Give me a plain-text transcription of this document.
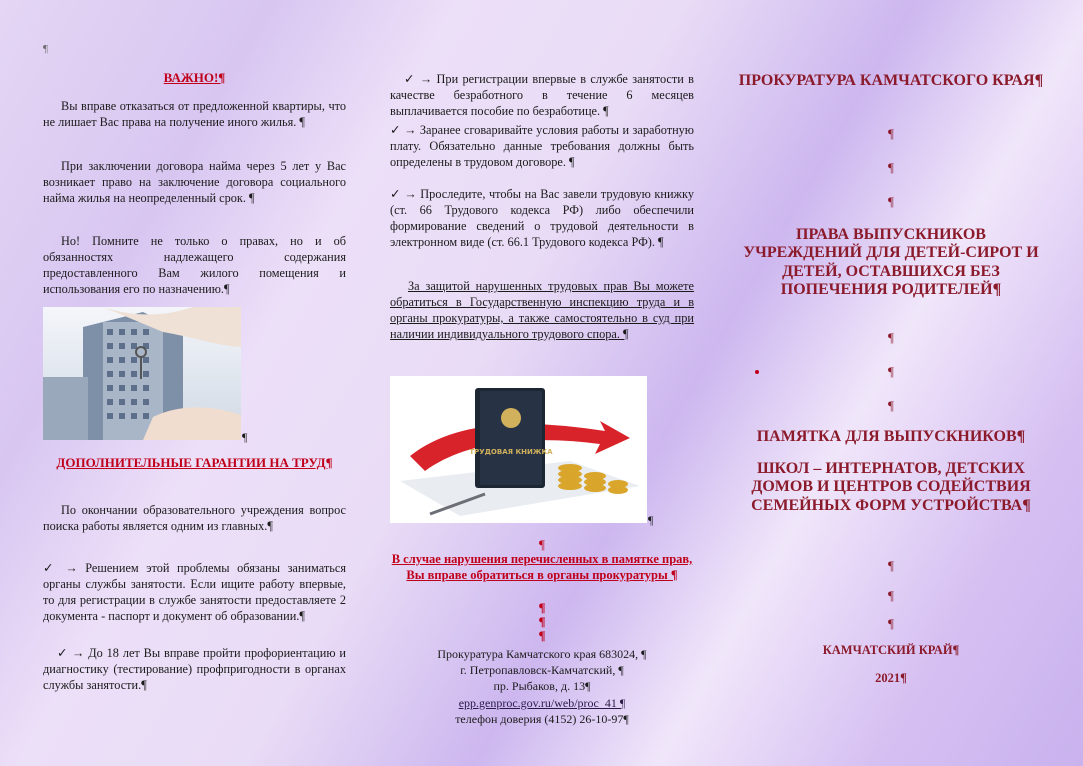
¶
ВАЖНО!¶

Вы вправе отказаться от предложенной квартиры, что не лишает Вас права на получение иного жилья. ¶

При заключении договора найма через 5 лет у Вас возникает право на заключение договора социального найма жилья на неопределенный срок. ¶

Но! Помните не только о правах, но и об обязанностях надлежащего содержания предоставленного Вам жилого помещения и использования его по назначению.¶

¶
ДОПОЛНИТЕЛЬНЫЕ ГАРАНТИИ НА ТРУД¶

По окончании образовательного учреждения вопрос поиска работы является одним из главных.¶

✓ → Решением этой проблемы обязаны заниматься органы службы занятости. Если ищите работу впервые, то для регистрации в службе занятости предоставляете 2 документа - паспорт и документ об образовании.¶

✓ → До 18 лет Вы вправе пройти профориентацию и диагностику (тестирование) профпригодности в органах службы занятости.¶

✓ → При регистрации впервые в службе занятости в качестве безработного в течение 6 месяцев выплачивается пособие по безработице. ¶

✓ → Заранее сговаривайте условия работы и заработную плату. Обязательно данные требования должны быть определены в трудовом договоре. ¶

✓ → Проследите, чтобы на Вас завели трудовую книжку (ст. 66 Трудового кодекса РФ) либо обеспечили формирование сведений о трудовой деятельности в электронном виде (ст. 66.1 Трудового кодекса РФ). ¶

За защитой нарушенных трудовых прав Вы можете обратиться в Государственную инспекцию труда и в органы прокуратуры, а также самостоятельно в суд при наличии индивидуального трудового спора. ¶

ТРУДОВАЯ КНИЖКА
¶
¶
В случае нарушения перечисленных в памятке прав, Вы вправе обратиться в органы прокуратуры ¶
¶
¶
¶
Прокуратура Камчатского края 683024, ¶
г. Петропавловск-Камчатский, ¶
пр. Рыбаков, д. 13¶
epp.genproc.gov.ru/web/proc_41 ¶
телефон доверия (4152) 26-10-97¶
ПРОКУРАТУРА КАМЧАТСКОГО КРАЯ¶
¶
¶
¶
ПРАВА ВЫПУСКНИКОВ УЧРЕЖДЕНИЙ ДЛЯ ДЕТЕЙ-СИРОТ И ДЕТЕЙ, ОСТАВШИХСЯ БЕЗ ПОПЕЧЕНИЯ РОДИТЕЛЕЙ¶
¶
¶
¶
ПАМЯТКА ДЛЯ ВЫПУСКНИКОВ¶
ШКОЛ – ИНТЕРНАТОВ, ДЕТСКИХ ДОМОВ И ЦЕНТРОВ СОДЕЙСТВИЯ СЕМЕЙНЫХ ФОРМ УСТРОЙСТВА¶
¶
¶
¶
КАМЧАТСКИЙ КРАЙ¶
2021¶
